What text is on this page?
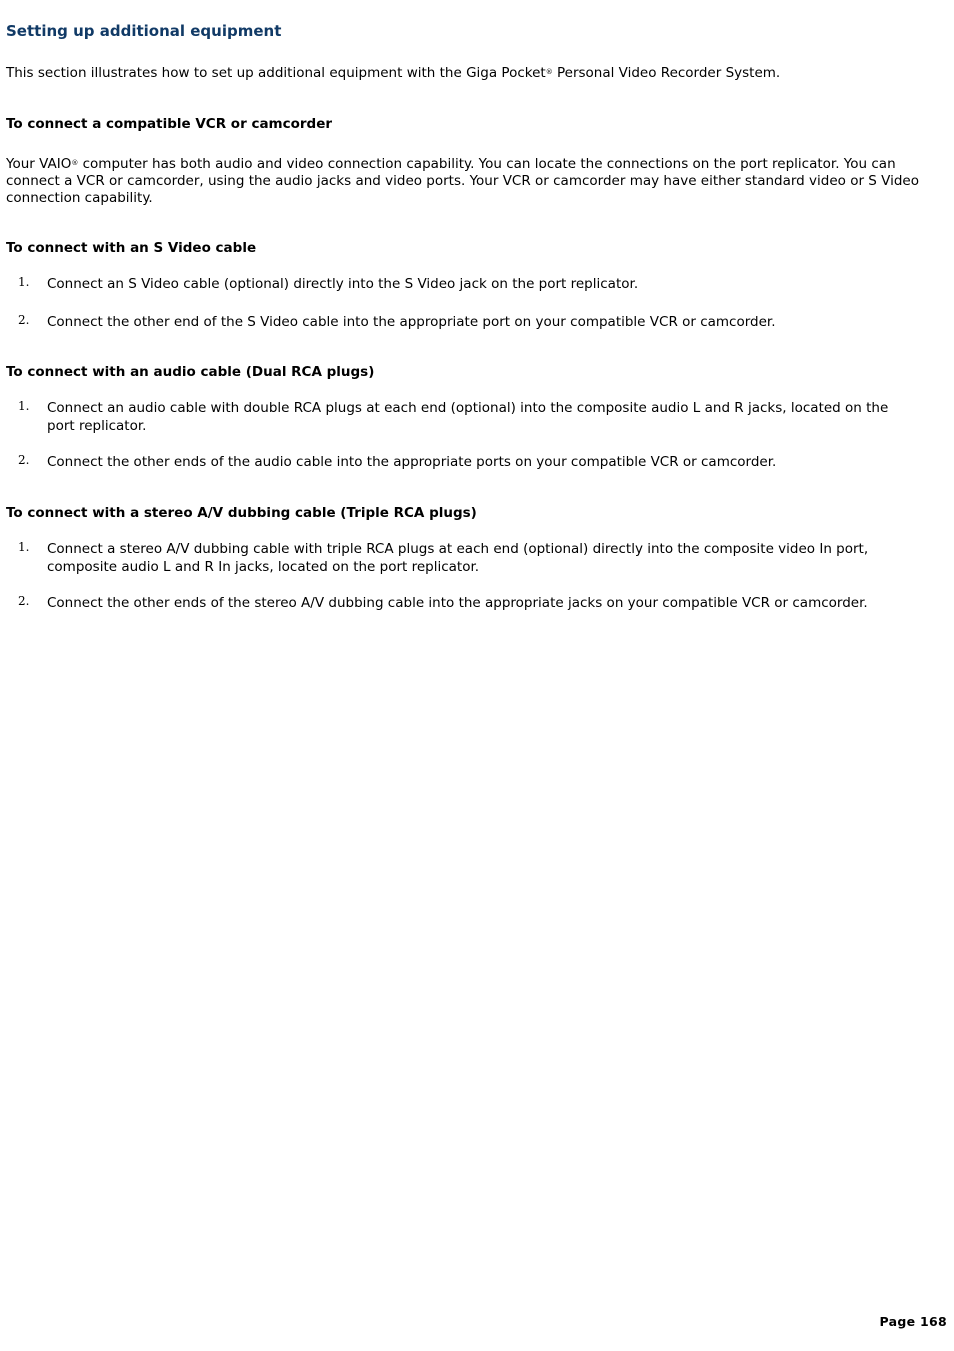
Setting up additional equipment

This section illustrates how to set up additional equipment with the Giga Pocket® Personal Video Recorder System.

To connect a compatible VCR or camcorder

Your VAIO® computer has both audio and video connection capability. You can locate the connections on the port replicator. You can connect a VCR or camcorder, using the audio jacks and video ports. Your VCR or camcorder may have either standard video or S Video connection capability.

To connect with an S Video cable
1. Connect an S Video cable (optional) directly into the S Video jack on the port replicator.
2. Connect the other end of the S Video cable into the appropriate port on your compatible VCR or camcorder.
To connect with an audio cable (Dual RCA plugs)
1. Connect an audio cable with double RCA plugs at each end (optional) into the composite audio L and R jacks, located on the port replicator.
2. Connect the other ends of the audio cable into the appropriate ports on your compatible VCR or camcorder.
To connect with a stereo A/V dubbing cable (Triple RCA plugs)
1. Connect a stereo A/V dubbing cable with triple RCA plugs at each end (optional) directly into the composite video In port, composite audio L and R In jacks, located on the port replicator.
2. Connect the other ends of the stereo A/V dubbing cable into the appropriate jacks on your compatible VCR or camcorder.
Page 168
